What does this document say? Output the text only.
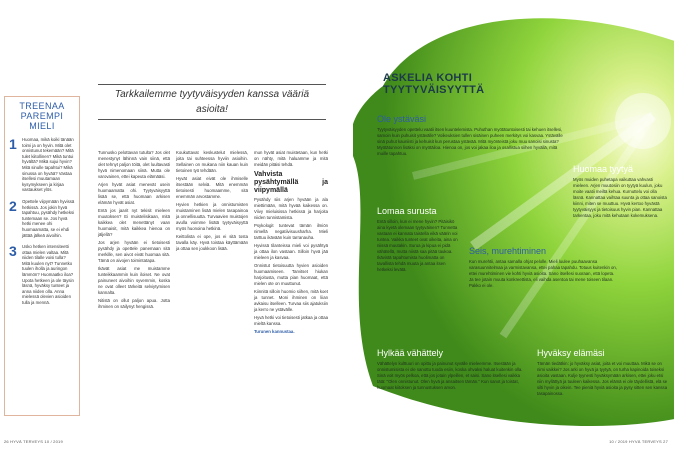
TREENAA PAREMPI MIELI
1	Huomaa, mikä koiki tänään toimi ja on hyvin. Mitä olet onnistunut tekemään? Mitä tulet kiitollinen? Mikä tuntui hyvältä? Mikä sujui hyvin? Mitä sinulle tapahtui? Mikä sinussa on hyvää? Vastaa itsellesi muutamaan kysymykseen ja kirjaa vastaukset ylös.
2	Opettele viipymään hyvissä hetkissä. Jos jokin hyvä tapahtuu, pysähdy hetkeksi tuntemaan se. Jos hyvä hetki menee ohi huomaamatta, se ei ehdi jättää jälkeä aivoihin.
3	Usko hetken intensiteetti ottaa mielen valtaa. Mitä niiden tilalle voisi tulla? Mitä kuulen nyt? Tunnetko tuulen iholla ja auringon lämmön? Huomaatko iloa? Upota hetkeen ja ole täysin läsnä, hyväksy tunteet ja anna niiden olla. Anna mielessä olevien asioiden tulla ja mennä.

Tarkkailemme tyytyväisyyden kanssa vääriä asioita!

Tunnusko pelottavan tutulta? Jos olet menestynyt lähinnä vain siinä, että olet tehnyt paljon töitä, olet luultavasti hyvä nimenomaan siinä. Mutta ole varovainen, ettei kapeuta elämääsi.

Arjen hyvät asiat menevät usein huomaamatta ohi. Tyytyväisyyttä lisää se, että huomaan arkisen elämän hyvät asiat.

Entä jos jaarit nyt tekisit mieleen muutoksen? Ei muistelisikaan, mitä kaikkea olet menettänyt vaan huomaisit, mitä kaikkea hienoa on jäljellä?

Jos arjen hyvään ei tietoisesti pysähdy ja opettele panemaan sitä merkille, sen aivot eivät huomaa sitä. Tämä on aivojen toimintatapa.

Ikävät asiat me muistamme tunteikkaammin kuin iloiset. Ne ovat painuneet aivoihin syvemmin, koska ne ovat olleet tärkeitä selviytymisen kannalta.

Nitistä on ollut paljon apua. Jotta ihminen on säilynyt hengissä.

Koukuttavat keskustelut mielessä, joita tai suhteessa hyviin asioihin. Sellainen on mukana niin kauan kuin tietoinen työ tehdään.

Hyvät asiat eivät ole ihmiselle itsestään selviä. Mitä enemmän tietoisesti huomaamme, sitä enemmän arvostamme.

Hyvien hetkien ja onnistumisten muistaminen lisää mielen tasapainoa ja onnellisuutta. Turvaavien muistojen avulla voimme lisätä tyytyväisyyttä myös huonoina hetkinä.

Keittolista ei ope, jos ei sitä tosta tavalla käy. Hyvä toistaa käyttämään ja ottaa sen joukkoon lisää.

mun hyvät asiat muistetaan, kun hetki on nähty, mitä haluamme ja mitä meidän pitäisi tehdä.

Vahvista pysähtymällä ja viipymällä

Pysähdy siis arjen hyvään ja ala miettimään, mitä hyvää kaikessa on. Viivy mieluisissa hetkissä ja harjoita niiden tunnistamista.

Psykologit tuntevat tämän ilmiön nimellä negatiivisuusharha. Mieli tarttuu ikävään kuin tarranauha.

Hyvissä tilanteissa mieli voi pysähtyä ja ottaa ilon vastaan. Silloin hyvä jää mieleen ja kasvaa.

Onnistut tietoisuutta hyvien asioiden huomaamiseen. Tarvitset hiukan harjoitusta, mutta pian huomaat, että mielen ote on muuttunut.

Kiinnitä silloin huomio siihen, mitä koet ja tunnet. Moni ihminen on liian avkaisu itselleen. Turvaa siis ajatuksiin ja kerro ne ystävälle.

Hyvä hetki voi tietoisesti jatkaa ja ottaa mieltä kanssa.

Turunen kannustaa.

26 HYVÄ TERVEYS 10 / 2019
ASKELIA KOHTI
TYYTYVÄISYYTTÄ
Ole ystäväsi

Tyytyväisyyden opettelu vaatii itsen kuuntelemista. Puhuthan myötätuntoisesti tai kehuen itsellesi, samoin kuin puhuisit ystävälle? Voikeuksien tullen sisäinen puheen merkitys voi kasvaa. Ystävälle sinä puhut kauniisti ja kehuisit kun perustaa ystävää. Mitä myönteistä joku muu sanoisi sinusta? Myötätunnon lisäksi on myötäiloa. Hienoa on, jos voi jakaa iloa ja osallistua siihen hyvällä, mitä muille tapahtuu.

Huomaa tyytyä

Myös muiden puhetapa vaikuttaa vahvasti mieleen. Arjen muutosiin on tyytyä kuulun, joku moite vaatii meiltä kehua. Kurnuttelu voi olla läsnä. Kannattaa vaihtaa suunta ja ottaa sanoista kiinni, miten se muuttuu. Hyvä kertoo hyvästä tyytyväisyys ja tietoisuus hyvin pian. Kannattaa tarkentaa, joku mitä kehutaan kokemuksena.

Lomaa surusta

Entä silloin, kun ei mene hyvin? Pitäisikö aina kyetä olemaan tyytyväinen? Tunnetta vastaan ei kannata taistella eikä väärin voi tuntea. Vaikka tunteet ovat oikeita, aina on niissä muutakin. Surua ja kipua ei pidä vähätellä, mutta niistä saa pitää taukoa. Ikävistä tapahtumista huolimatta on tavallista tehdä muuta ja antaa itsen hetkeksi levätä.

Seis, murehtiminen

Kun murehtii, antaa samalla ohjat pelolle. Mieli luulee puuhaavansa varasuunnitelmaa ja varmistavansa, ettei pahaa tapahdu. Totuus kuitenkin on, ettei murehtiminen vie kohti hyviä asioita. Sano itsellesi suoraan, että lopeta. Ja tee jotain muuta konkreettista, eli vaihda asentoa tai mene toiseen tilaan. Pakko ei ole.

Hylkää vähättely

Vähättelyn kulttuuri on opittu ja painunut syvälle mieleemme. Itsestään ja onnistumisista ei ole sanottu tuoda esiin, koska ohvaksi haluat kuitenkin olla. Sinä voit myös pelkoa, että jos jotain ylpeillen, et saisi. Sano itsellesi vaikka tätä: "Olen onnistunut. Olen hyvä ja ansaitsen tämän." Kun sanot ja toistat, huomaat kiitoksen ja tunnustuksen arvon.

Hyväksy elämäsi

Tämän tiedätkin: jo hyväksy asiat, joita et voi muuttaa. Mikä se on nimi vaikkei? Jos arki on hyvä ja tyytyä, on turha kapinoida toiseksi asioita vastaan. Kulje tyynesti hyväksymään arkisen, ettei joku etsi niin myllättyä ja tuuleen kaikessa. Jos elämä ei ole täydellistä, elä se silti hyvin ja oikein. Tee pieniä hyviä asioita ja pysy sitten sen kanssa tasapainossa.

10 / 2019 HYVÄ TERVEYS 27
